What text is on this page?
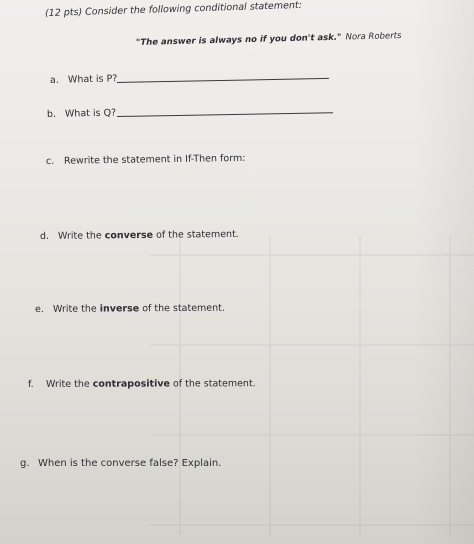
(12 pts) Consider the following conditional statement:
"The answer is always no if you don't ask." Nora Roberts
a. What is P?
b. What is Q?
c. Rewrite the statement in If-Then form:
d. Write the converse of the statement.
e. Write the inverse of the statement.
f. Write the contrapositive of the statement.
g. When is the converse false? Explain.
